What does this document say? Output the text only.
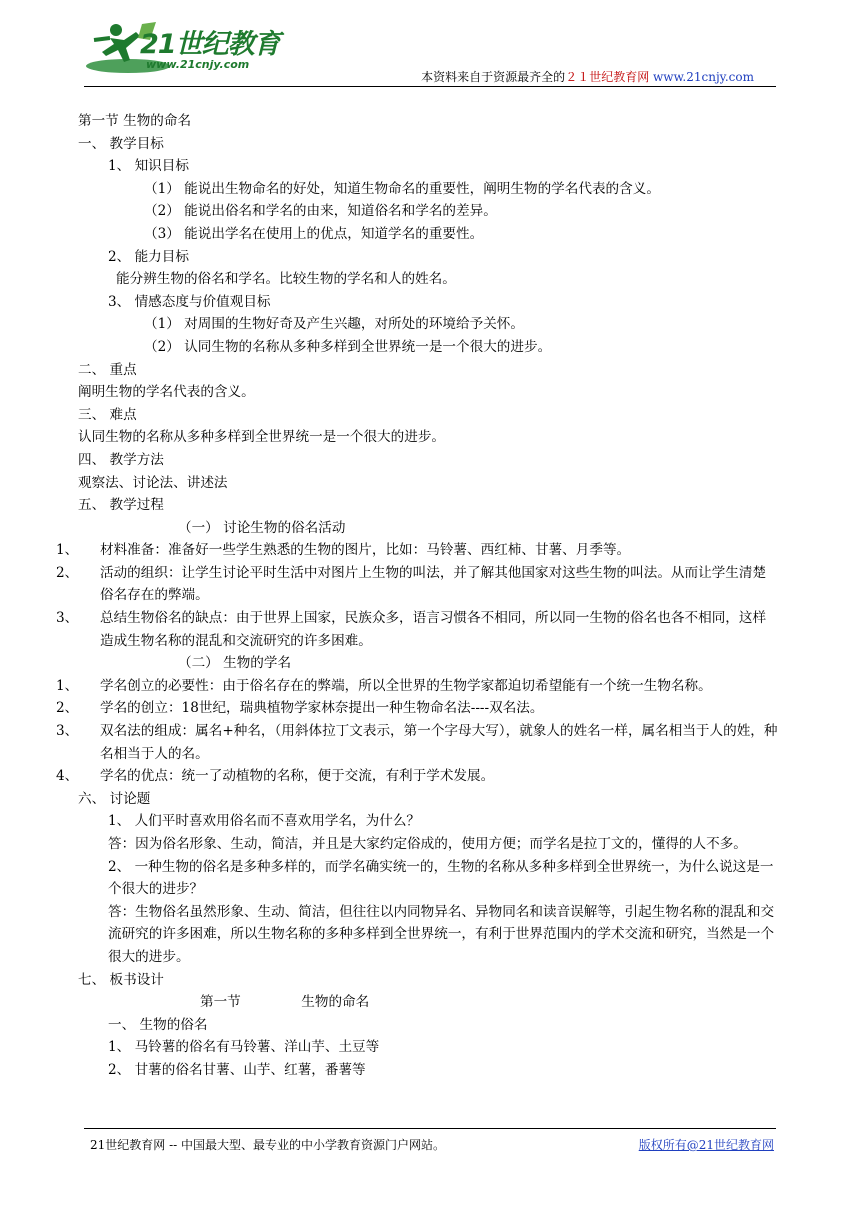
21世纪教育
www.21cnjy.com
本资料来自于资源最齐全的２１世纪教育网 www.21cnjy.com
第一节 生物的命名
一、 教学目标
1、 知识目标
（1） 能说出生物命名的好处，知道生物命名的重要性，阐明生物的学名代表的含义。
（2） 能说出俗名和学名的由来，知道俗名和学名的差异。
（3） 能说出学名在使用上的优点，知道学名的重要性。
2、 能力目标
能分辨生物的俗名和学名。比较生物的学名和人的姓名。
3、 情感态度与价值观目标
（1） 对周围的生物好奇及产生兴趣，对所处的环境给予关怀。
（2） 认同生物的名称从多种多样到全世界统一是一个很大的进步。
二、 重点
阐明生物的学名代表的含义。
三、 难点
认同生物的名称从多种多样到全世界统一是一个很大的进步。
四、 教学方法
观察法、讨论法、讲述法
五、 教学过程
（一） 讨论生物的俗名活动
1、 材料准备：准备好一些学生熟悉的生物的图片，比如：马铃薯、西红柿、甘薯、月季等。
2、 活动的组织：让学生讨论平时生活中对图片上生物的叫法，并了解其他国家对这些生物的叫法。从而让学生清楚俗名存在的弊端。
3、 总结生物俗名的缺点：由于世界上国家，民族众多，语言习惯各不相同，所以同一生物的俗名也各不相同，这样造成生物名称的混乱和交流研究的许多困难。
（二） 生物的学名
1、 学名创立的必要性：由于俗名存在的弊端，所以全世界的生物学家都迫切希望能有一个统一生物名称。
2、 学名的创立：18世纪，瑞典植物学家林奈提出一种生物命名法----双名法。
3、 双名法的组成：属名+种名，（用斜体拉丁文表示，第一个字母大写），就象人的姓名一样，属名相当于人的姓，种名相当于人的名。
4、 学名的优点：统一了动植物的名称，便于交流，有利于学术发展。
六、 讨论题
1、 人们平时喜欢用俗名而不喜欢用学名，为什么？
答：因为俗名形象、生动，简洁，并且是大家约定俗成的，使用方便；而学名是拉丁文的，懂得的人不多。
2、 一种生物的俗名是多种多样的，而学名确实统一的，生物的名称从多种多样到全世界统一，为什么说这是一个很大的进步？
答：生物俗名虽然形象、生动、简洁，但往往以内同物异名、异物同名和读音误解等，引起生物名称的混乱和交流研究的许多困难，所以生物名称的多种多样到全世界统一，有利于世界范围内的学术交流和研究，当然是一个很大的进步。
七、 板书设计
第一节              生物的命名
一、 生物的俗名
1、 马铃薯的俗名有马铃薯、洋山芋、土豆等
2、 甘薯的俗名甘薯、山芋、红薯，番薯等
21世纪教育网 -- 中国最大型、最专业的中小学教育资源门户网站。	版权所有@21世纪教育网
